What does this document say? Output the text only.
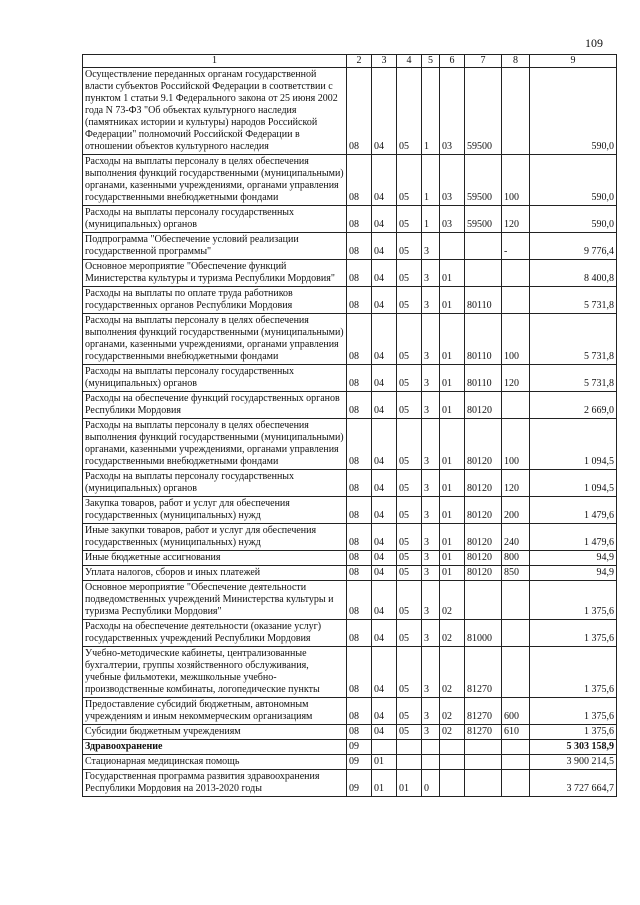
109
1	2	3	4	5	6	7	8	9
Осуществление переданных органам государственной власти субъектов Российской Федерации в соответствии с пунктом 1 статьи 9.1 Федерального закона от 25 июня 2002 года N 73-ФЗ "Об объектах культурного наследия (памятниках истории и культуры) народов Российской Федерации" полномочий Российской Федерации в отношении объектов культурного наследия	08	04	05	1	03	59500		590,0
Расходы на выплаты персоналу в целях обеспечения выполнения функций государственными (муниципальными) органами, казенными учреждениями, органами управления государственными внебюджетными фондами	08	04	05	1	03	59500	100	590,0
Расходы на выплаты персоналу государственных (муниципальных) органов	08	04	05	1	03	59500	120	590,0
Подпрограмма "Обеспечение условий реализации государственной программы"	08	04	05	3			-	9 776,4
Основное мероприятие "Обеспечение функций Министерства культуры и туризма Республики Мордовия"	08	04	05	3	01			8 400,8
Расходы на выплаты по оплате труда работников государственных органов Республики Мордовия	08	04	05	3	01	80110		5 731,8
Расходы на выплаты персоналу в целях обеспечения выполнения функций государственными (муниципальными) органами, казенными учреждениями, органами управления государственными внебюджетными фондами	08	04	05	3	01	80110	100	5 731,8
Расходы на выплаты персоналу государственных (муниципальных) органов	08	04	05	3	01	80110	120	5 731,8
Расходы на обеспечение функций государственных органов Республики Мордовия	08	04	05	3	01	80120		2 669,0
Расходы на выплаты персоналу в целях обеспечения выполнения функций государственными (муниципальными) органами, казенными учреждениями, органами управления государственными внебюджетными фондами	08	04	05	3	01	80120	100	1 094,5
Расходы на выплаты персоналу государственных (муниципальных) органов	08	04	05	3	01	80120	120	1 094,5
Закупка товаров, работ и услуг для обеспечения государственных (муниципальных) нужд	08	04	05	3	01	80120	200	1 479,6
Иные закупки товаров, работ и услуг для обеспечения государственных (муниципальных) нужд	08	04	05	3	01	80120	240	1 479,6
Иные бюджетные ассигнования	08	04	05	3	01	80120	800	94,9
Уплата налогов, сборов и иных платежей	08	04	05	3	01	80120	850	94,9
Основное мероприятие "Обеспечение деятельности подведомственных учреждений Министерства культуры и туризма Республики Мордовия"	08	04	05	3	02			1 375,6
Расходы на обеспечение деятельности (оказание услуг) государственных учреждений Республики Мордовия	08	04	05	3	02	81000		1 375,6
Учебно-методические кабинеты, централизованные бухгалтерии, группы хозяйственного обслуживания, учебные фильмотеки, межшкольные учебно-производственные комбинаты, логопедические пункты	08	04	05	3	02	81270		1 375,6
Предоставление субсидий бюджетным, автономным учреждениям и иным некоммерческим организациям	08	04	05	3	02	81270	600	1 375,6
Субсидии бюджетным учреждениям	08	04	05	3	02	81270	610	1 375,6
Здравоохранение	09							5 303 158,9
Стационарная медицинская помощь	09	01						3 900 214,5
Государственная программа развития здравоохранения Республики Мордовия на 2013-2020 годы	09	01	01	0				3 727 664,7
